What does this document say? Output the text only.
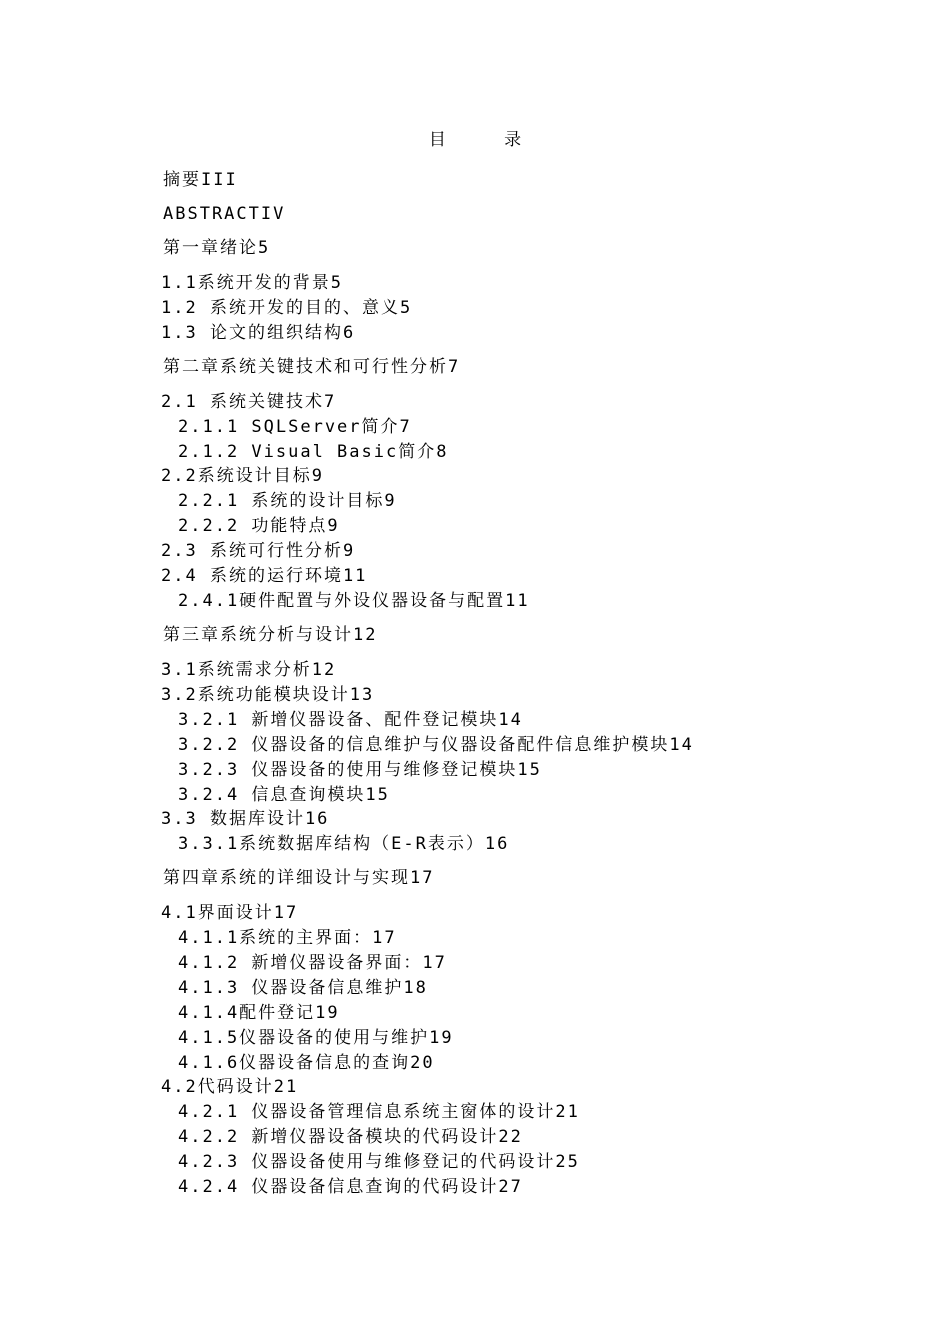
目 录
摘要III
ABSTRACTIV
第一章绪论5
1.1系统开发的背景5
1.2 系统开发的目的、意义5
1.3 论文的组织结构6
第二章系统关键技术和可行性分析7
2.1 系统关键技术7
2.1.1 SQLServer简介7
2.1.2 Visual Basic简介8
2.2系统设计目标9
2.2.1 系统的设计目标9
2.2.2 功能特点9
2.3 系统可行性分析9
2.4 系统的运行环境11
2.4.1硬件配置与外设仪器设备与配置11
第三章系统分析与设计12
3.1系统需求分析12
3.2系统功能模块设计13
3.2.1 新增仪器设备、配件登记模块14
3.2.2 仪器设备的信息维护与仪器设备配件信息维护模块14
3.2.3 仪器设备的使用与维修登记模块15
3.2.4 信息查询模块15
3.3 数据库设计16
3.3.1系统数据库结构（E-R表示）16
第四章系统的详细设计与实现17
4.1界面设计17
4.1.1系统的主界面：17
4.1.2 新增仪器设备界面：17
4.1.3 仪器设备信息维护18
4.1.4配件登记19
4.1.5仪器设备的使用与维护19
4.1.6仪器设备信息的查询20
4.2代码设计21
4.2.1 仪器设备管理信息系统主窗体的设计21
4.2.2 新增仪器设备模块的代码设计22
4.2.3 仪器设备使用与维修登记的代码设计25
4.2.4 仪器设备信息查询的代码设计27
